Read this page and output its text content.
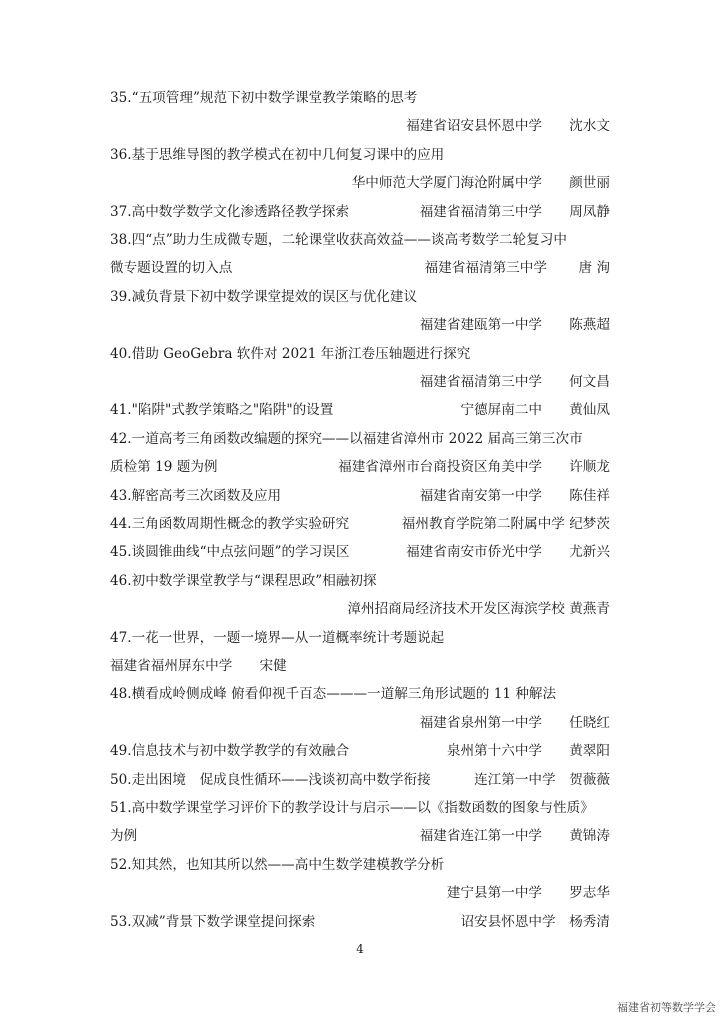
35.“五项管理”规范下初中数学课堂教学策略的思考
福建省诏安县怀恩中学　　沈水文
36.基于思维导图的教学模式在初中几何复习课中的应用
华中师范大学厦门海沧附属中学　　颜世丽
37.高中数学数学文化渗透路径教学探索	福建省福清第三中学　　周凤静
38.四“点”助力生成微专题，二轮课堂收获高效益——谈高考数学二轮复习中
微专题设置的切入点	福建省福清第三中学　　 唐 洵
39.减负背景下初中数学课堂提效的误区与优化建议
福建省建瓯第一中学　　陈燕超
40.借助 GeoGebra 软件对 2021 年浙江卷压轴题进行探究
福建省福清第三中学　　何文昌
41."陷阱"式教学策略之"陷阱"的设置	宁德屏南二中　　黄仙凤
42.一道高考三角函数改编题的探究——以福建省漳州市 2022 届高三第三次市
质检第 19 题为例	福建省漳州市台商投资区角美中学　　许顺龙
43.解密高考三次函数及应用	福建省南安第一中学　　陈佳祥
44.三角函数周期性概念的教学实验研究	福州教育学院第二附属中学 纪梦茨
45.谈圆锥曲线“中点弦问题”的学习误区	福建省南安市侨光中学　　尤新兴
46.初中数学课堂教学与“课程思政”相融初探
漳州招商局经济技术开发区海滨学校 黄燕青
47.一花一世界，一题一境界—从一道概率统计考题说起
福建省福州屏东中学　　宋健
48.横看成岭侧成峰 俯看仰视千百态———一道解三角形试题的 11 种解法
福建省泉州第一中学　　任晓红
49.信息技术与初中数学教学的有效融合	泉州第十六中学　　黄翠阳
50.走出困境　促成良性循环——浅谈初高中数学衔接	连江第一中学　贺薇薇
51.高中数学课堂学习评价下的教学设计与启示——以《指数函数的图象与性质》
为例	福建省连江第一中学　　黄锦涛
52.知其然，也知其所以然——高中生数学建模教学分析
建宁县第一中学　　罗志华
53.双减”背景下数学课堂提问探索	诏安县怀恩中学　杨秀清
4
福建省初等数学学会
